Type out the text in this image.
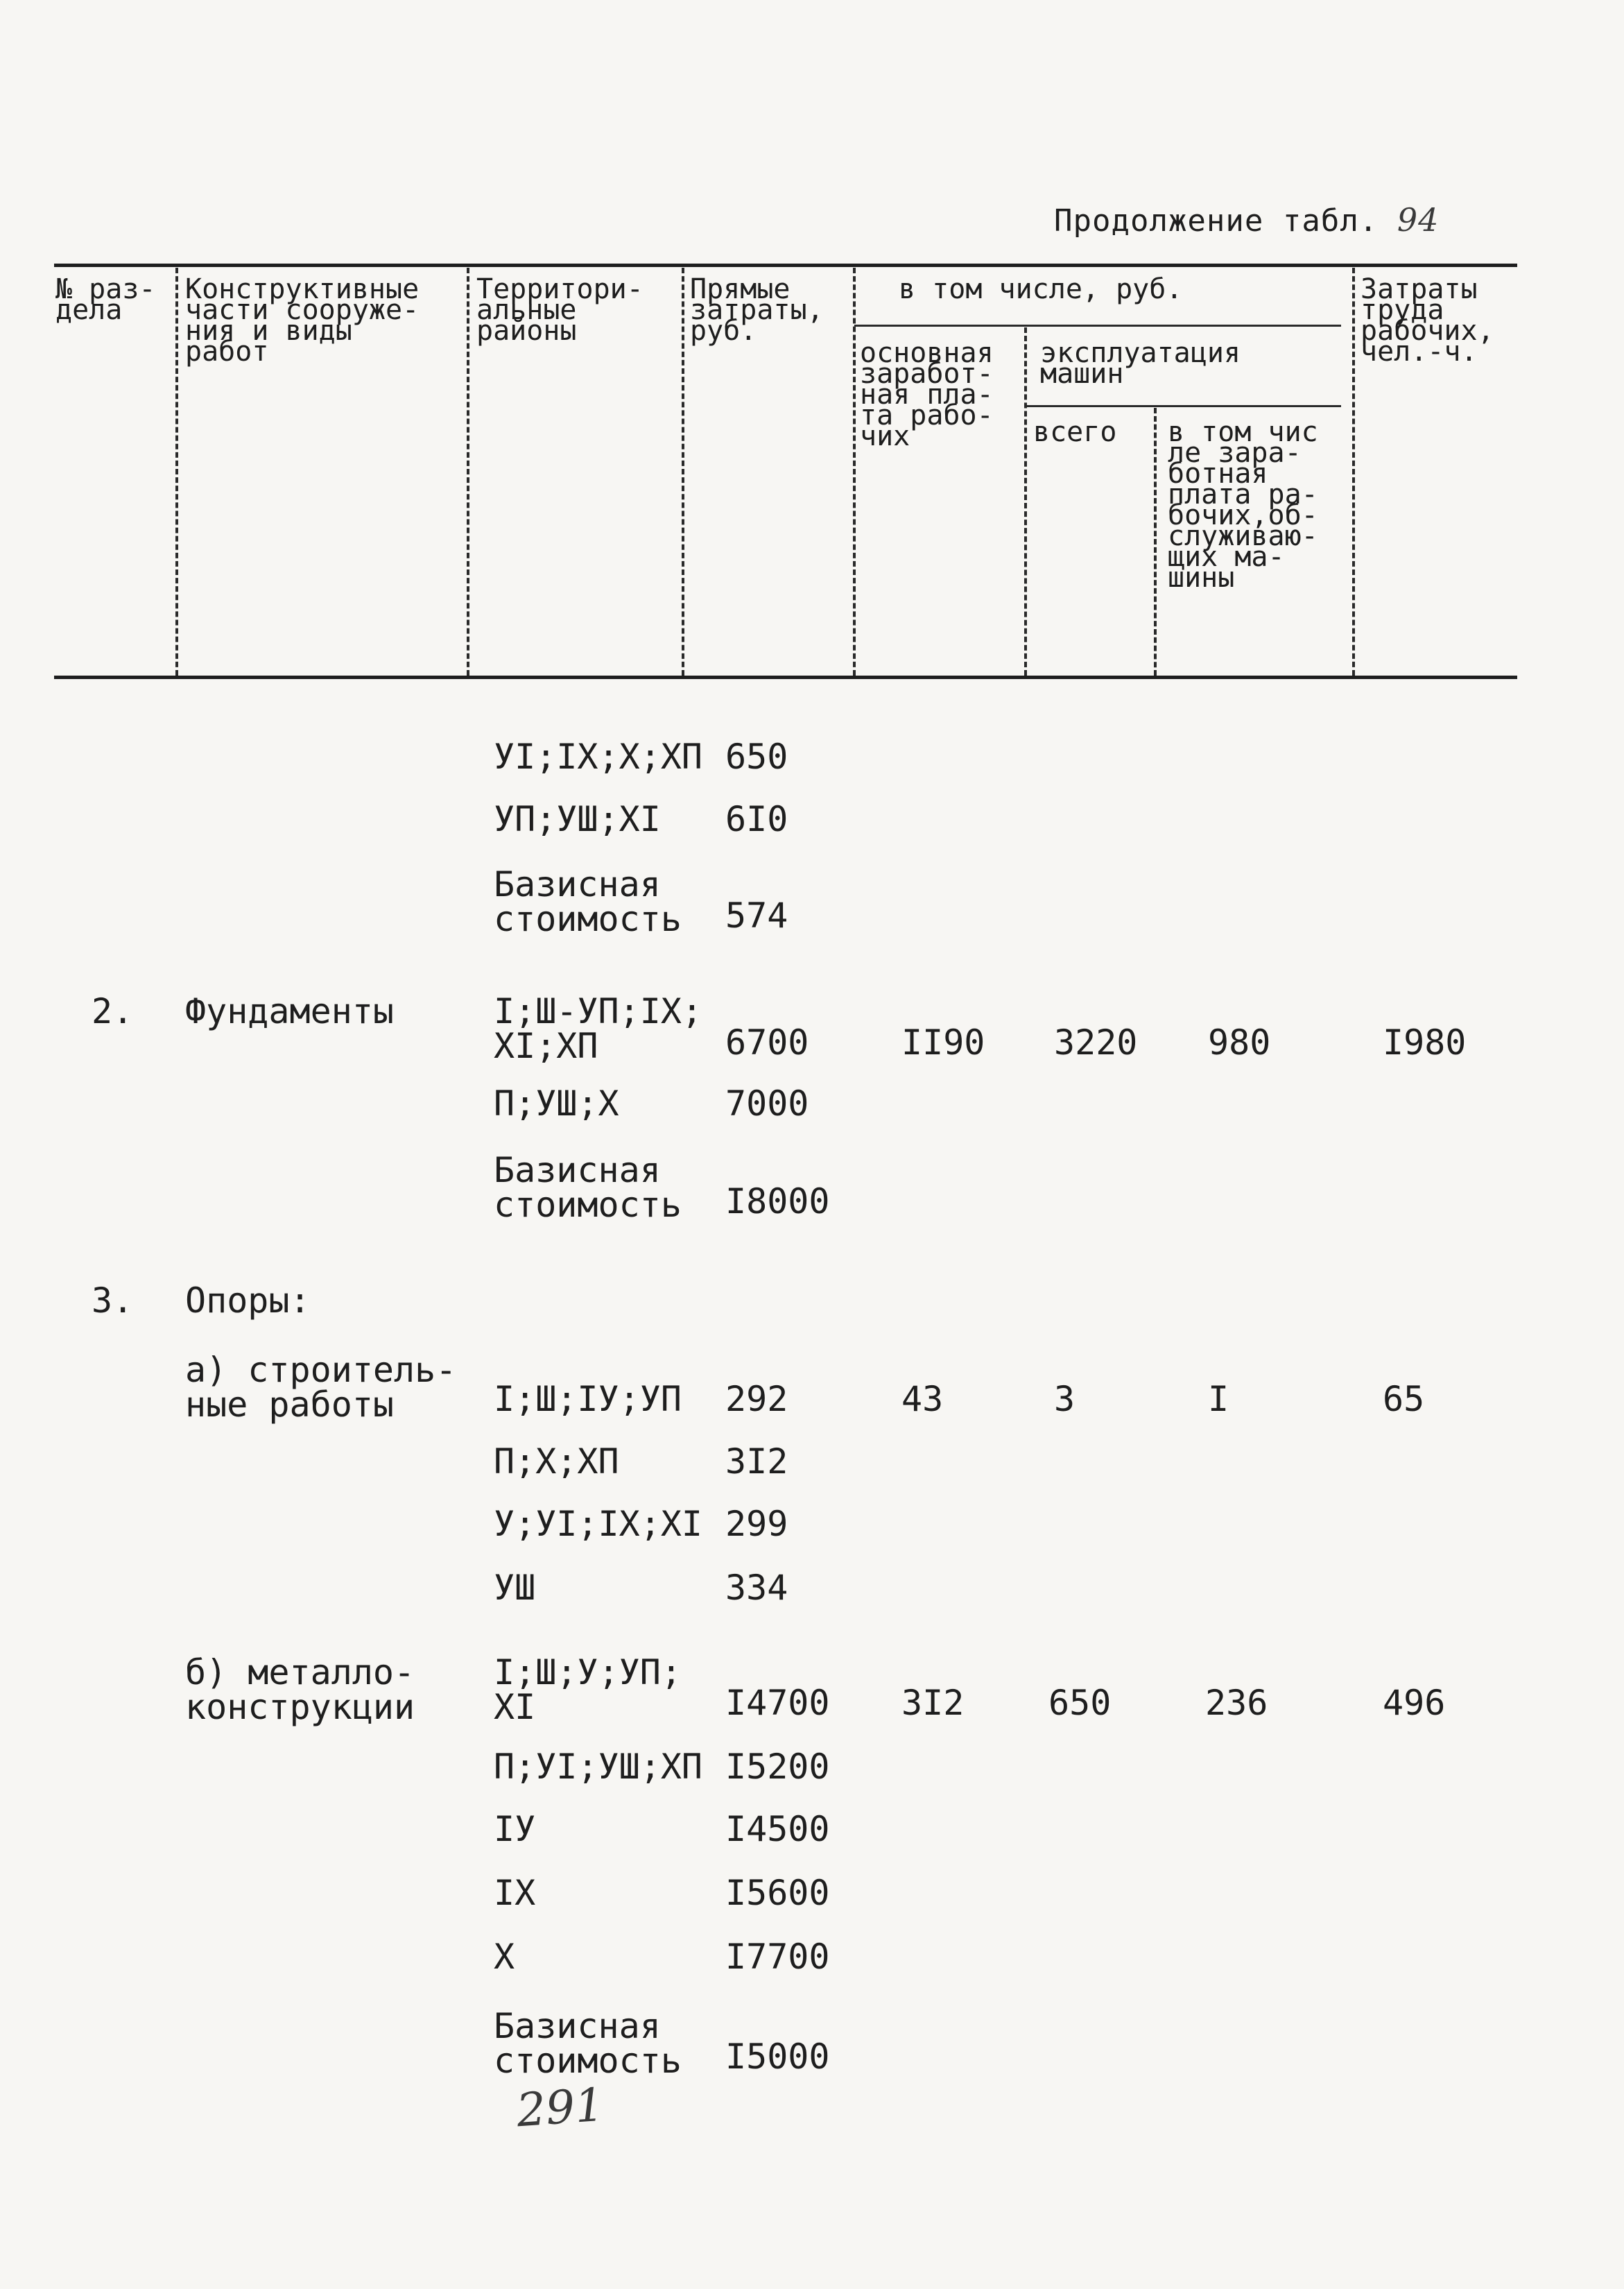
Продолжение табл. 94
№ раз-
дела
Конструктивные
части сооруже-
ния и виды
работ
Территори-
альные
районы
Прямые
затраты,
руб.
в том числе, руб.
основная
заработ-
ная пла-
та рабо-
чих
эксплуатация
машин
всего в том чис
ле зара-
ботная
плата ра-
бочих,об-
служиваю-
щих ма-
шины
Затраты
труда
рабочих,
чел.-ч.
УI;IX;X;XП 650
УП;УШ;XI 6I0
Базисная
стоимость 574
2. Фундаменты	I;Ш-УП;IX;
XI;XП	6700	II90 3220 980	I980
П;УШ;X	7000
Базисная
стоимость I8000
3. Опоры:
а) строитель-
ные работы	I;Ш;IУ;УП 292	43	3	I	65
П;X;XП	3I2
У;УI;IX;XI 299
УШ	334
б) металло-
конструкции
I;Ш;У;УП;
XI	I4700 3I2 650	236	496
П;УI;УШ;XП I5200
IУ	I4500
IX	I5600
X	I7700
Базисная
стоимость I5000
291
